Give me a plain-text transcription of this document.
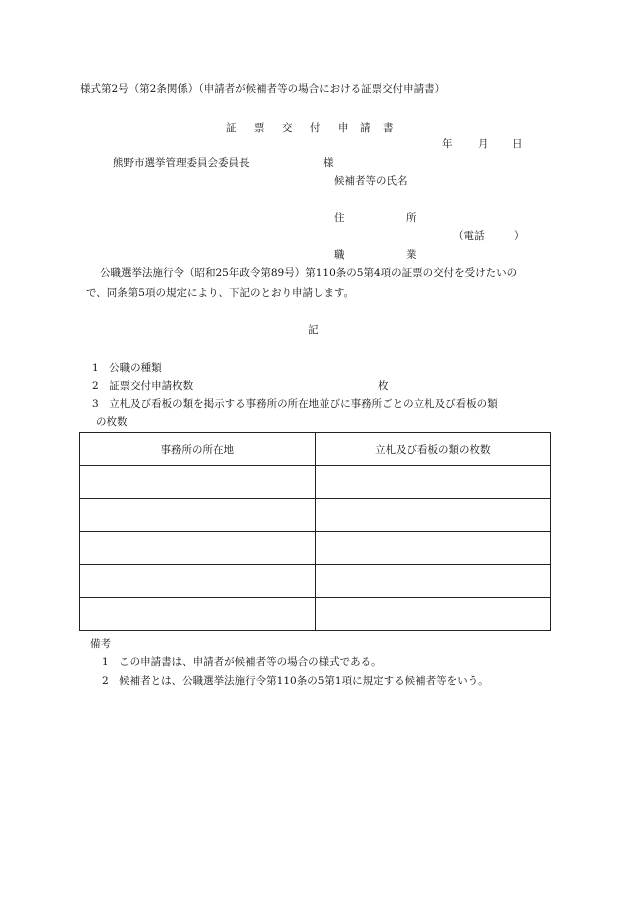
様式第2号（第2条関係）（申請者が候補者等の場合における証票交付申請書）
証 票 交 付 申 請 書
年 月 日
熊野市選挙管理委員会委員長	様
候補者等の氏名
住	所
（電話	）
職	業
公職選挙法施行令（昭和25年政令第89号）第110条の5第4項の証票の交付を受けたいの
で、同条第5項の規定により、下記のとおり申請します。
記
1　公職の種類
2　証票交付申請枚数	枚
3　立札及び看板の類を掲示する事務所の所在地並びに事務所ごとの立札及び看板の類
の枚数
事務所の所在地	立札及び看板の類の枚数

備考
1　この申請書は、申請者が候補者等の場合の様式である。
2　候補者とは、公職選挙法施行令第110条の5第1項に規定する候補者等をいう。
